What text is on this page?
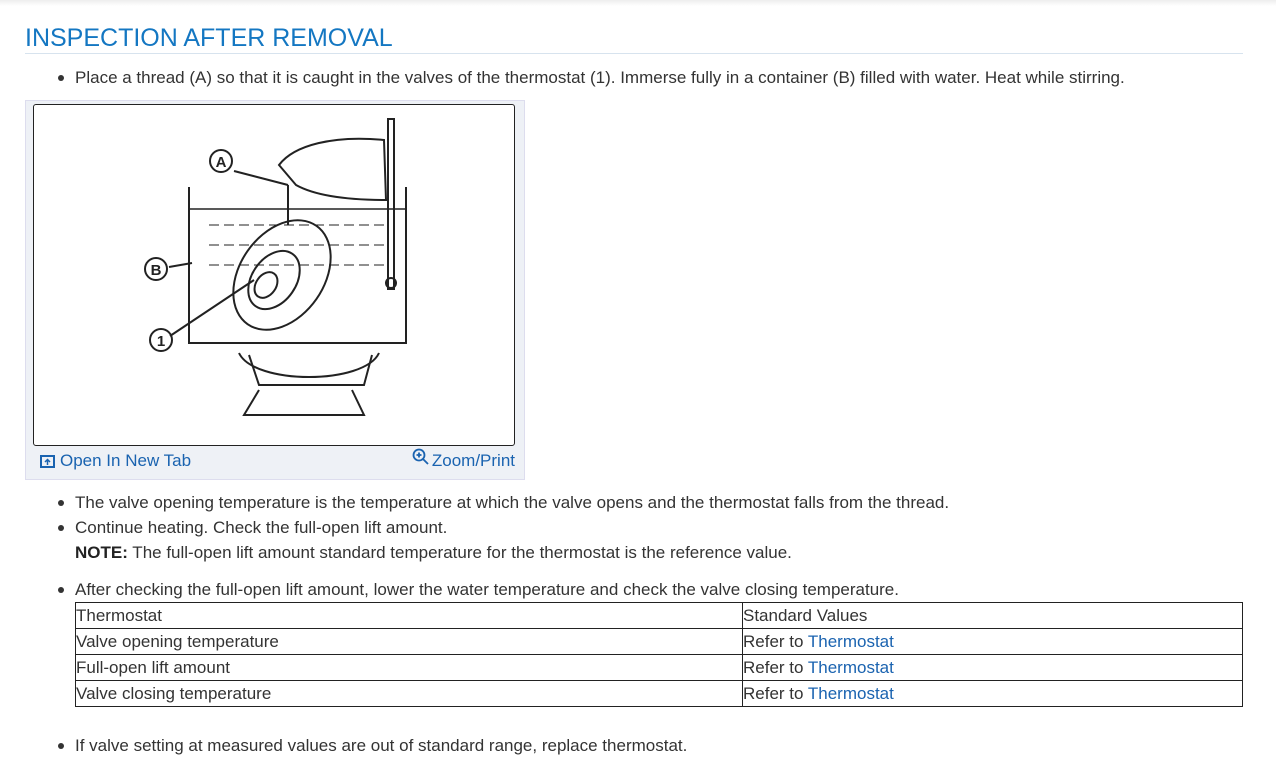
INSPECTION AFTER REMOVAL
Place a thread (A) so that it is caught in the valves of the thermostat (1). Immerse fully in a container (B) filled with water. Heat while stirring.
A
B
1
Open In New Tab	Zoom/Print
The valve opening temperature is the temperature at which the valve opens and the thermostat falls from the thread.
Continue heating. Check the full-open lift amount.
NOTE: The full-open lift amount standard temperature for the thermostat is the reference value.
After checking the full-open lift amount, lower the water temperature and check the valve closing temperature.
Thermostat	Standard Values
Valve opening temperature	Refer to Thermostat
Full-open lift amount	Refer to Thermostat
Valve closing temperature	Refer to Thermostat
If valve setting at measured values are out of standard range, replace thermostat.
